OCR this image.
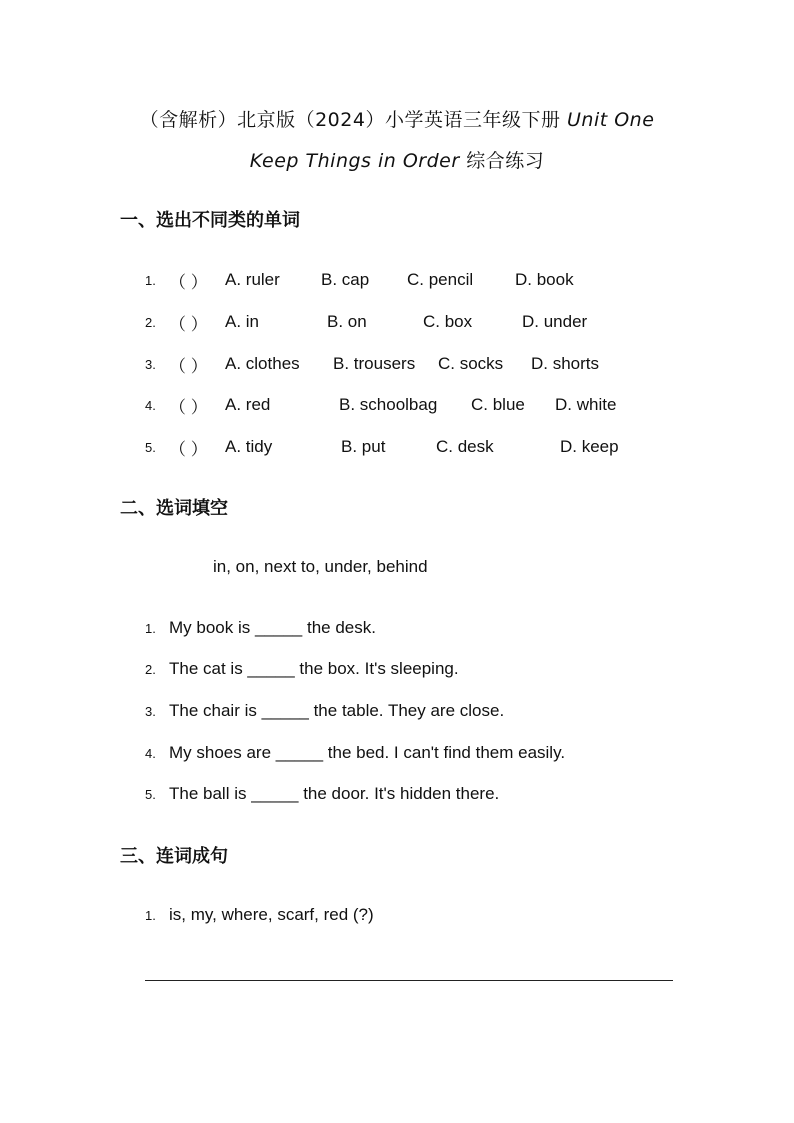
（含解析）北京版（2024）小学英语三年级下册 Unit One
Keep Things in Order 综合练习
一、选出不同类的单词
1. （ ）	A. ruler B. cap C. pencil D. book
2. （ ）	A. in	B. on	C. box	D. under
3. （ ）	A. clothes B. trousers C. socks D. shorts
4. （ ）	A. red	B. schoolbag C. blue D. white
5. （ ）	A. tidy	B. put	C. desk	D. keep
二、选词填空
in, on, next to, under, behind
1. My book is _____ the desk.
2. The cat is _____ the box. It's sleeping.
3. The chair is _____ the table. They are close.
4. My shoes are _____ the bed. I can't find them easily.
5. The ball is _____ the door. It's hidden there.
三、连词成句
1. is, my, where, scarf, red (?)
